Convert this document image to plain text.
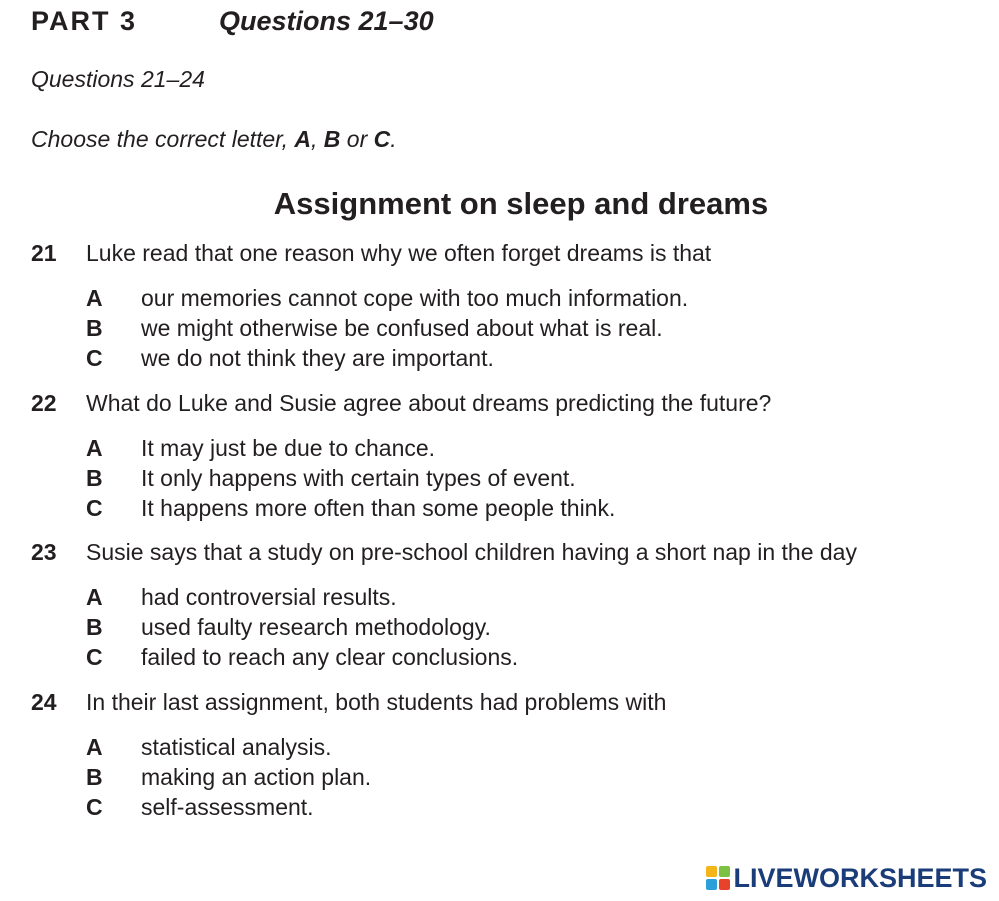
PART 3	Questions 21–30
Questions 21–24
Choose the correct letter, A, B or C.
Assignment on sleep and dreams
21	Luke read that one reason why we often forget dreams is that
A	our memories cannot cope with too much information.
B	we might otherwise be confused about what is real.
C	we do not think they are important.
22	What do Luke and Susie agree about dreams predicting the future?
A	It may just be due to chance.
B	It only happens with certain types of event.
C	It happens more often than some people think.
23	Susie says that a study on pre-school children having a short nap in the day
A	had controversial results.
B	used faulty research methodology.
C	failed to reach any clear conclusions.
24	In their last assignment, both students had problems with
A	statistical analysis.
B	making an action plan.
C	self-assessment.
LIVEWORKSHEETS
